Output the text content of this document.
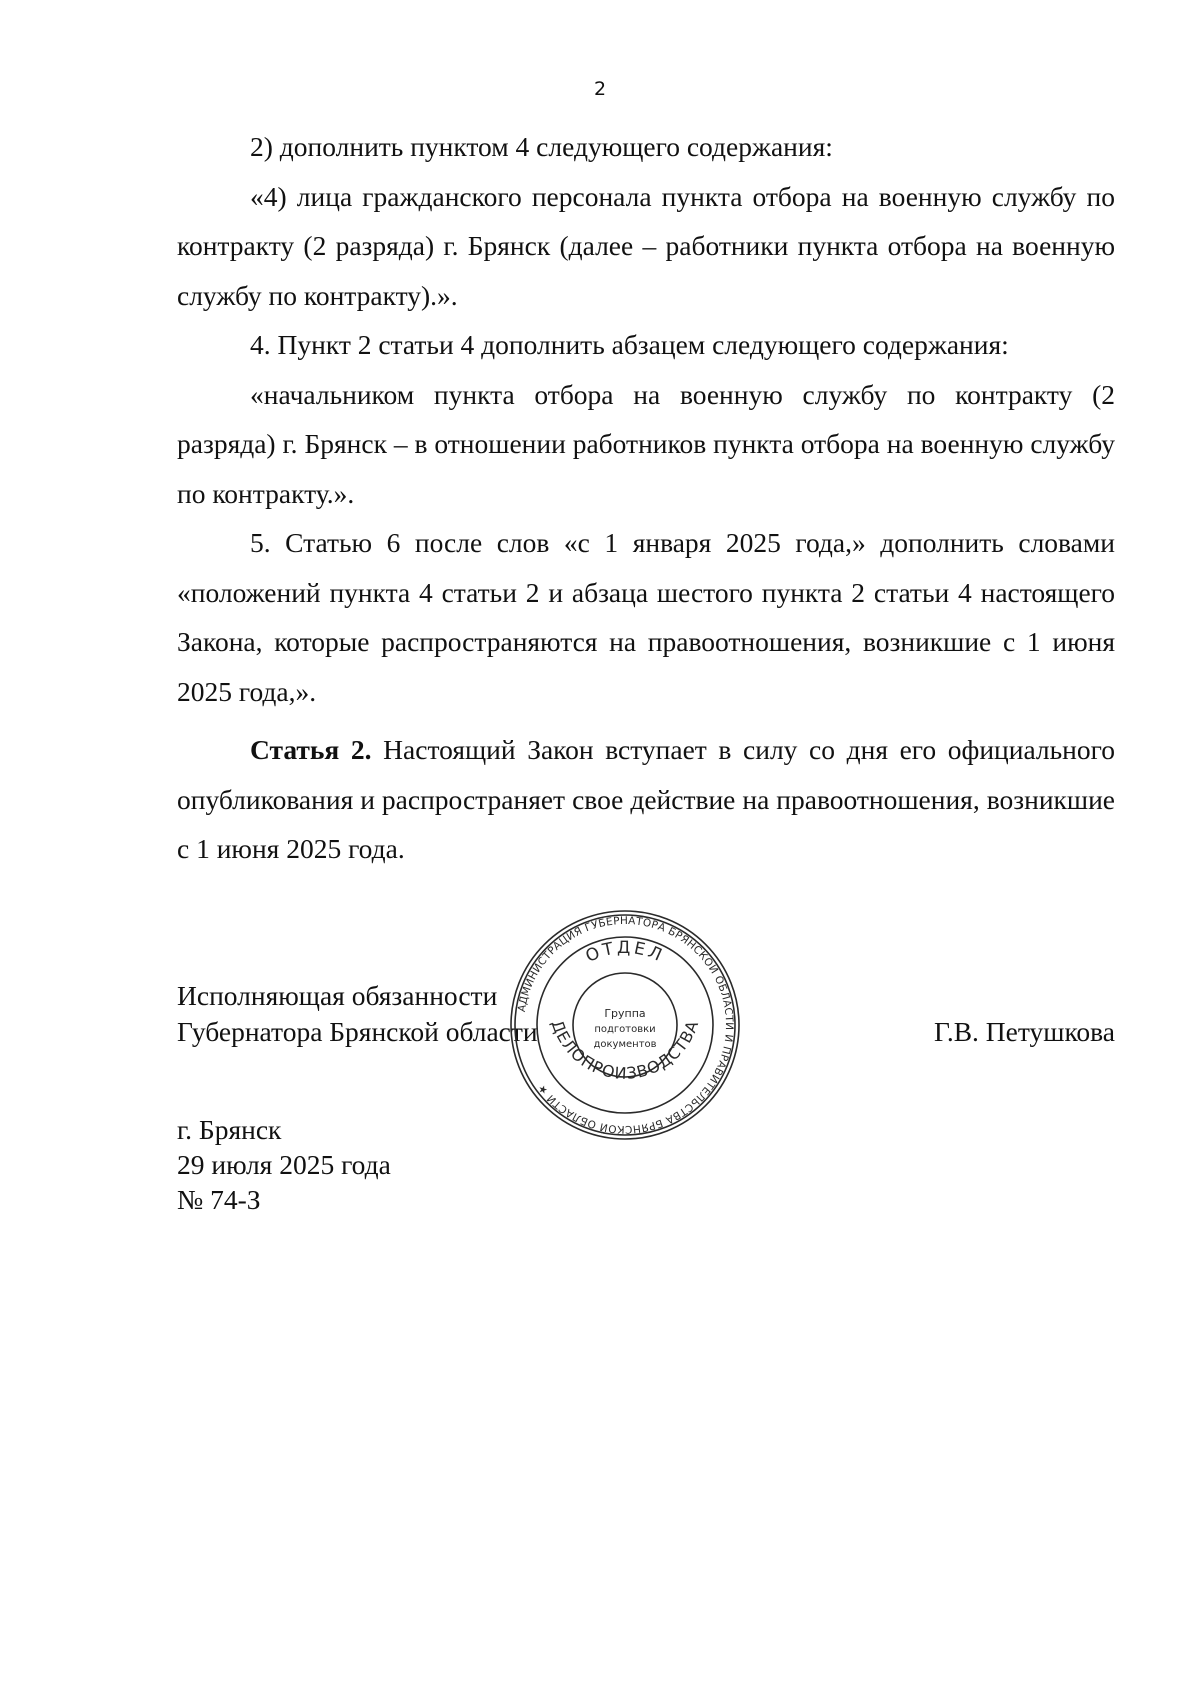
2

2) дополнить пунктом 4 следующего содержания:

«4) лица гражданского персонала пункта отбора на военную службу по контракту (2 разряда) г. Брянск (далее – работники пункта отбора на военную службу по контракту).».

4. Пункт 2 статьи 4 дополнить абзацем следующего содержания:

«начальником пункта отбора на военную службу по контракту (2 разряда) г. Брянск – в отношении работников пункта отбора на военную службу по контракту.».

5. Статью 6 после слов «с 1 января 2025 года,» дополнить словами «положений пункта 4 статьи 2 и абзаца шестого пункта 2 статьи 4 настоящего Закона, которые распространяются на правоотношения, возникшие с 1 июня 2025 года,».

Статья 2. Настоящий Закон вступает в силу со дня его официального опубликования и распространяет свое действие на правоотношения, возникшие с 1 июня 2025 года.

Исполняющая обязанности
Губернатора Брянской области	Г.В. Петушкова
г. Брянск
29 июля 2025 года
№ 74-З
АДМИНИСТРАЦИЯ ГУБЕРНАТОРА БРЯНСКОЙ ОБЛАСТИ И ПРАВИТЕЛЬСТВА БРЯНСКОЙ ОБЛАСТИ ★
ОТДЕЛ
ДЕЛОПРОИЗВОДСТВА
Группа
подготовки
документов
